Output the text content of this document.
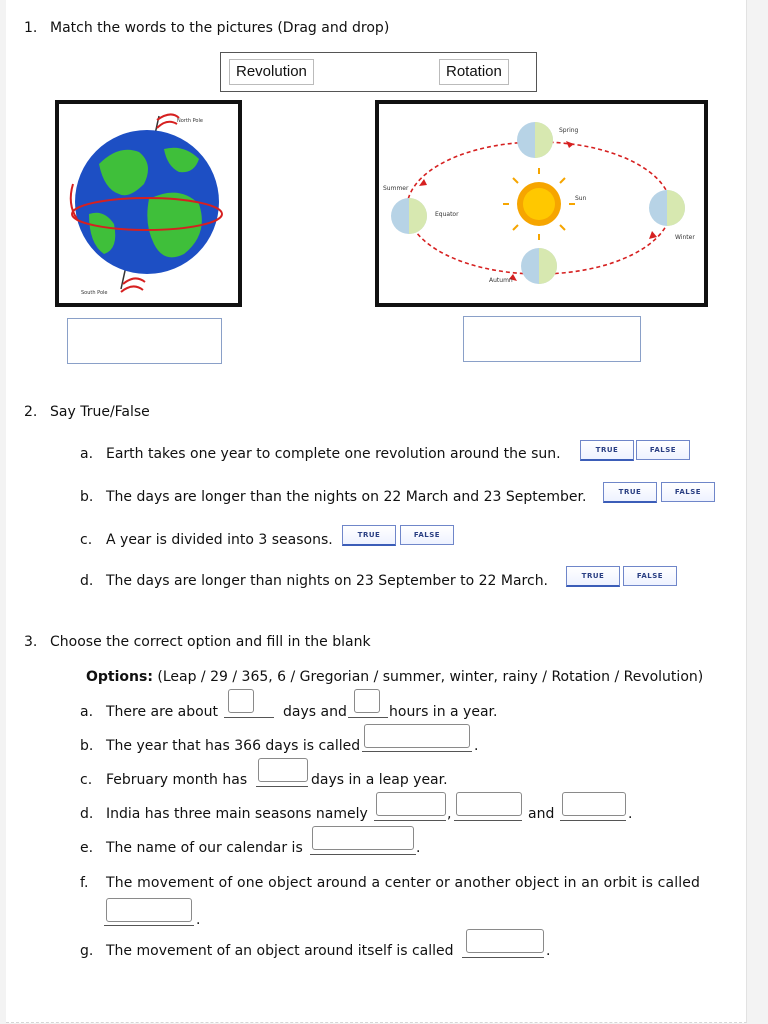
1. Match the words to the pictures (Drag and drop)
Revolution	Rotation
North Pole
South Pole
Spring
Summer
Sun
Equator
Winter
Autumn
2. Say True/False
a. Earth takes one year to complete one revolution around the sun.	TRUE	FALSE
b. The days are longer than the nights on 22 March and 23 September.	TRUE	FALSE
c. A year is divided into 3 seasons.	TRUE	FALSE
d. The days are longer than nights on 23 September to 22 March.	TRUE	FALSE
3. Choose the correct option and fill in the blank
Options: (Leap / 29 / 365, 6 / Gregorian / summer, winter, rainy / Rotation / Revolution)
a. There are about	days and	hours in a year.
b. The year that has 366 days is called	.
c. February month has	days in a leap year.
d. India has three main seasons namely	,	and	.
e. The name of our calendar is	.
f. The movement of one object around a center or another object in an orbit is called
.
g. The movement of an object around itself is called	.
